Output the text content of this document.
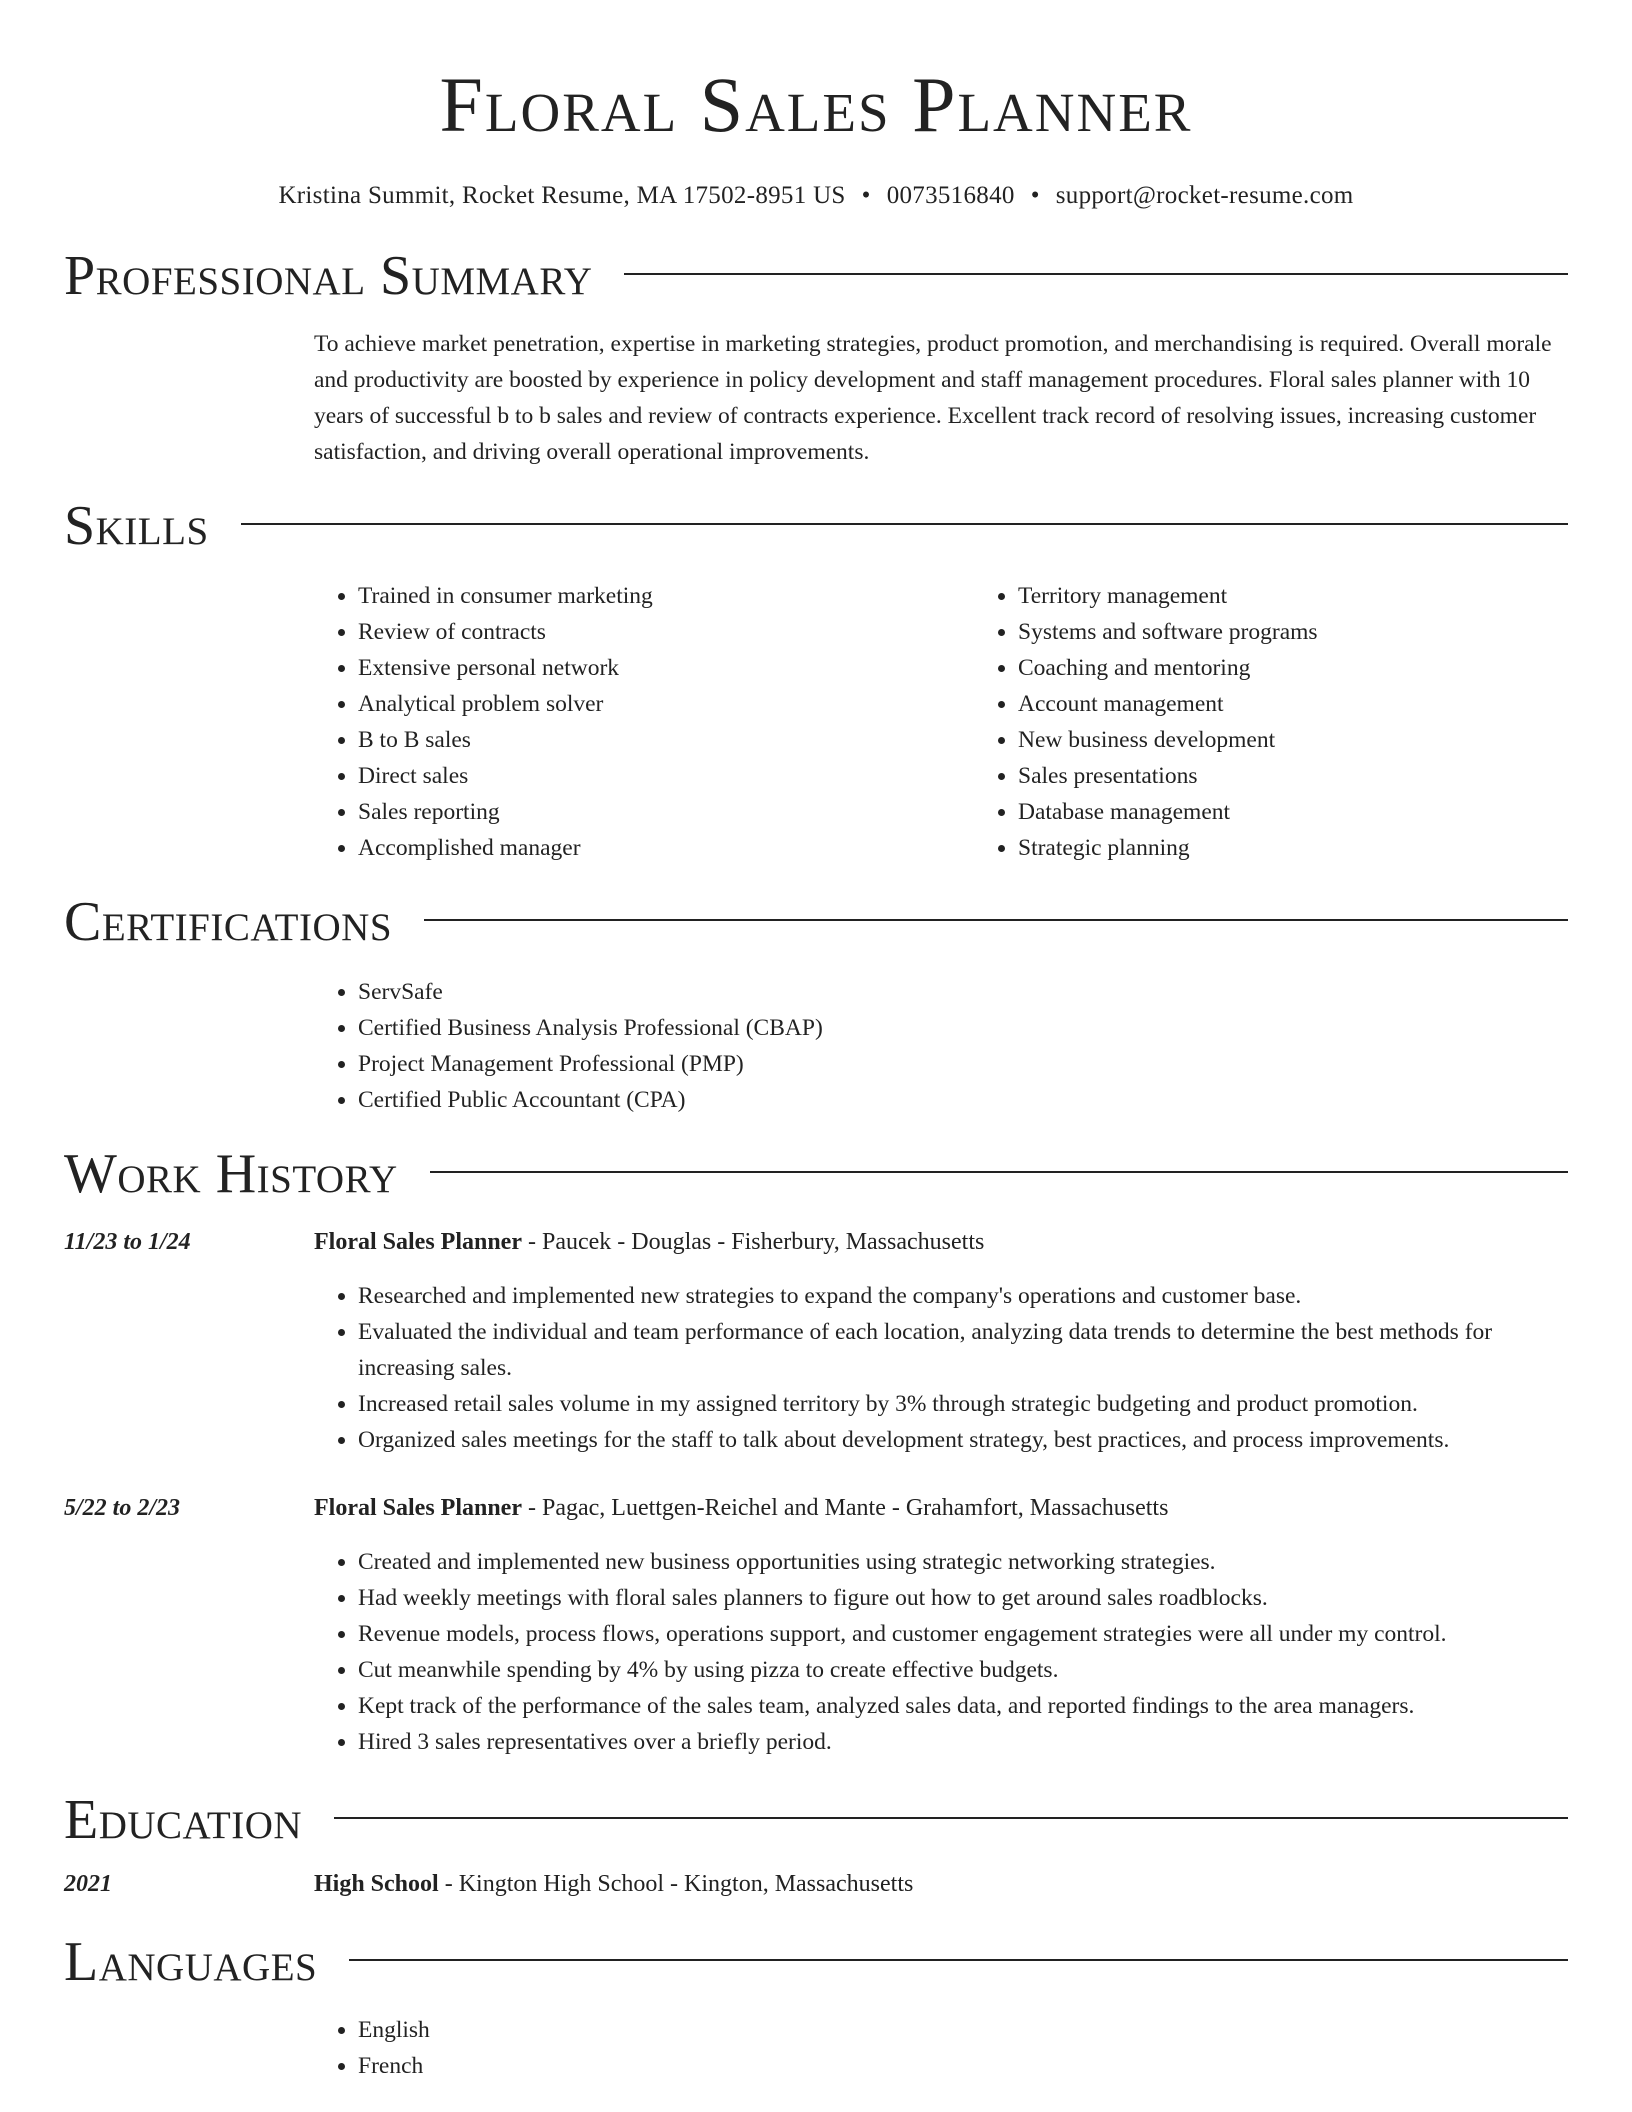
Floral Sales Planner
Kristina Summit, Rocket Resume, MA 17502-8951 US • 0073516840 • support@rocket-resume.com
Professional Summary

To achieve market penetration, expertise in marketing strategies, product promotion, and merchandising is required. Overall morale and productivity are boosted by experience in policy development and staff management procedures. Floral sales planner with 10 years of successful b to b sales and review of contracts experience. Excellent track record of resolving issues, increasing customer satisfaction, and driving overall operational improvements.

Skills
• Trained in consumer marketing
• Review of contracts
• Extensive personal network
• Analytical problem solver
• B to B sales
• Direct sales
• Sales reporting
• Accomplished manager
• Territory management
• Systems and software programs
• Coaching and mentoring
• Account management
• New business development
• Sales presentations
• Database management
• Strategic planning
Certifications
• ServSafe
• Certified Business Analysis Professional (CBAP)
• Project Management Professional (PMP)
• Certified Public Accountant (CPA)
Work History
11/23 to 1/24	Floral Sales Planner - Paucek - Douglas - Fisherbury, Massachusetts
• Researched and implemented new strategies to expand the company's operations and customer base.
• Evaluated the individual and team performance of each location, analyzing data trends to determine the best methods for increasing sales.
• Increased retail sales volume in my assigned territory by 3% through strategic budgeting and product promotion.
• Organized sales meetings for the staff to talk about development strategy, best practices, and process improvements.
5/22 to 2/23	Floral Sales Planner - Pagac, Luettgen-Reichel and Mante - Grahamfort, Massachusetts
• Created and implemented new business opportunities using strategic networking strategies.
• Had weekly meetings with floral sales planners to figure out how to get around sales roadblocks.
• Revenue models, process flows, operations support, and customer engagement strategies were all under my control.
• Cut meanwhile spending by 4% by using pizza to create effective budgets.
• Kept track of the performance of the sales team, analyzed sales data, and reported findings to the area managers.
• Hired 3 sales representatives over a briefly period.
Education
2021	High School - Kington High School - Kington, Massachusetts
Languages
• English
• French
